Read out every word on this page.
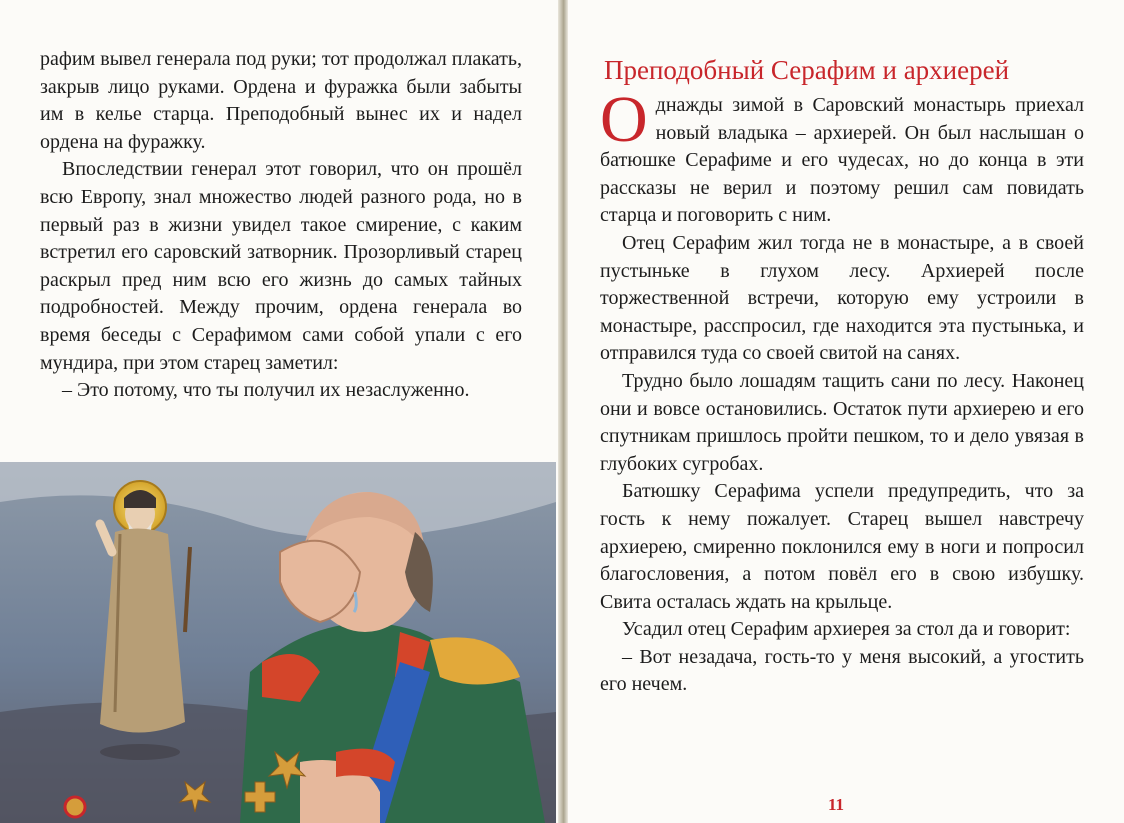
рафим вывел генерала под руки; тот продолжал плакать, закрыв лицо руками. Ордена и фуражка были забыты им в келье старца. Преподобный вынес их и надел ордена на фуражку.

Впоследствии генерал этот говорил, что он прошёл всю Европу, знал множество людей разного рода, но в первый раз в жизни увидел такое смирение, с каким встретил его саровский затворник. Прозорливый старец раскрыл пред ним всю его жизнь до самых тайных подробностей. Между прочим, ордена генерала во время беседы с Серафимом сами собой упали с его мундира, при этом старец заметил:

– Это потому, что ты получил их незаслуженно.

Преподобный Серафим и архиерей

Однажды зимой в Саровский монастырь приехал новый владыка – архиерей. Он был наслышан о батюшке Серафиме и его чудесах, но до конца в эти рассказы не верил и поэтому решил сам повидать старца и поговорить с ним.

Отец Серафим жил тогда не в монастыре, а в своей пустыньке в глухом лесу. Архиерей после торжественной встречи, которую ему устроили в монастыре, расспросил, где находится эта пустынька, и отправился туда со своей свитой на санях.

Трудно было лошадям тащить сани по лесу. Наконец они и вовсе остановились. Остаток пути архиерею и его спутникам пришлось пройти пешком, то и дело увязая в глубоких сугробах.

Батюшку Серафима успели предупредить, что за гость к нему пожалует. Старец вышел навстречу архиерею, смиренно поклонился ему в ноги и попросил благословения, а потом повёл его в свою избушку. Свита осталась ждать на крыльце.

Усадил отец Серафим архиерея за стол да и говорит:

– Вот незадача, гость-то у меня высокий, а угостить его нечем.

11
